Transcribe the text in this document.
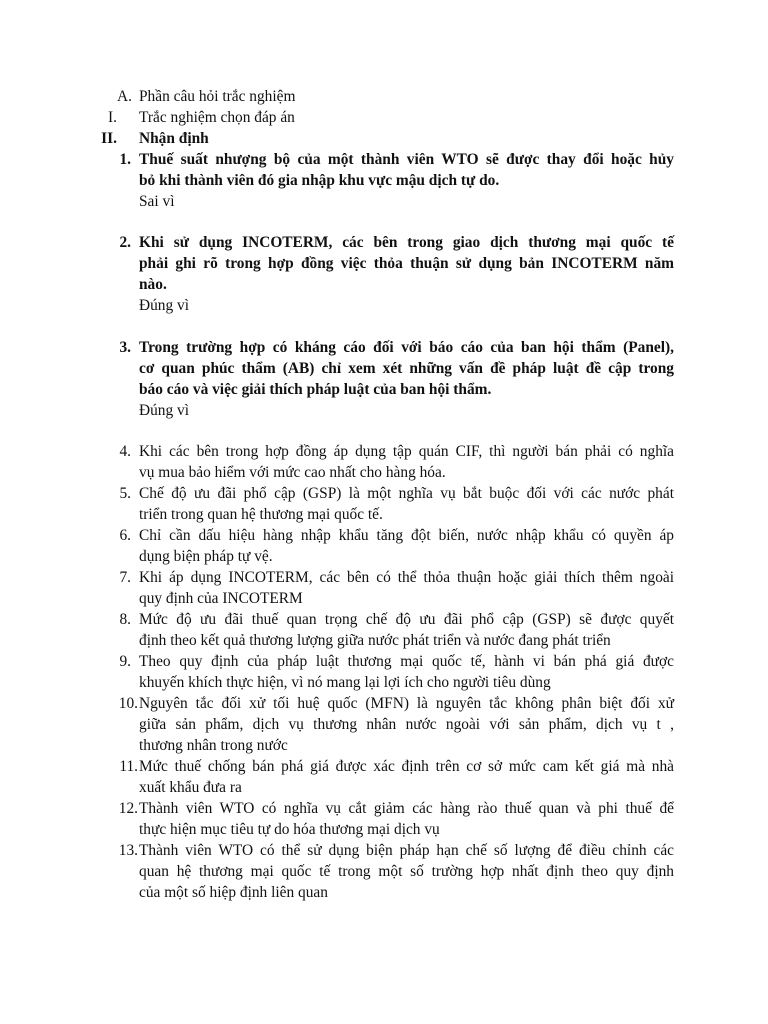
A. Phần câu hỏi trắc nghiệm
I. Trắc nghiệm chọn đáp án
II. Nhận định
1. Thuế suất nhượng bộ của một thành viên WTO sẽ được thay đổi hoặc hủy
bỏ khi thành viên đó gia nhập khu vực mậu dịch tự do.
Sai vì
2. Khi sử dụng INCOTERM, các bên trong giao dịch thương mại quốc tế
phải ghi rõ trong hợp đồng việc thỏa thuận sử dụng bản INCOTERM năm
nào.
Đúng vì
3. Trong trường hợp có kháng cáo đối với báo cáo của ban hội thẩm (Panel),
cơ quan phúc thẩm (AB) chỉ xem xét những vấn đề pháp luật đề cập trong
báo cáo và việc giải thích pháp luật của ban hội thẩm.
Đúng vì
4. Khi các bên trong hợp đồng áp dụng tập quán CIF, thì người bán phải có nghĩa
vụ mua bảo hiểm với mức cao nhất cho hàng hóa.
5. Chế độ ưu đãi phổ cập (GSP) là một nghĩa vụ bắt buộc đối với các nước phát
triển trong quan hệ thương mại quốc tế.
6. Chỉ cần dấu hiệu hàng nhập khẩu tăng đột biến, nước nhập khẩu có quyền áp
dụng biện pháp tự vệ.
7. Khi áp dụng INCOTERM, các bên có thể thỏa thuận hoặc giải thích thêm ngoài
quy định của INCOTERM
8. Mức độ ưu đãi thuế quan trọng chế độ ưu đãi phổ cập (GSP) sẽ được quyết
định theo kết quả thương lượng giữa nước phát triển và nước đang phát triển
9. Theo quy định của pháp luật thương mại quốc tế, hành vi bán phá giá được
khuyến khích thực hiện, vì nó mang lại lợi ích cho người tiêu dùng
10. Nguyên tắc đối xử tối huệ quốc (MFN) là nguyên tắc không phân biệt đối xử
giữa sản phẩm, dịch vụ thương nhân nước ngoài với sản phẩm, dịch vụ t ,
thương nhân trong nước
11. Mức thuế chống bán phá giá được xác định trên cơ sở mức cam kết giá mà nhà
xuất khẩu đưa ra
12. Thành viên WTO có nghĩa vụ cắt giảm các hàng rào thuế quan và phi thuế để
thực hiện mục tiêu tự do hóa thương mại dịch vụ
13. Thành viên WTO có thể sử dụng biện pháp hạn chế số lượng để điều chỉnh các
quan hệ thương mại quốc tế trong một số trường hợp nhất định theo quy định
của một số hiệp định liên quan
